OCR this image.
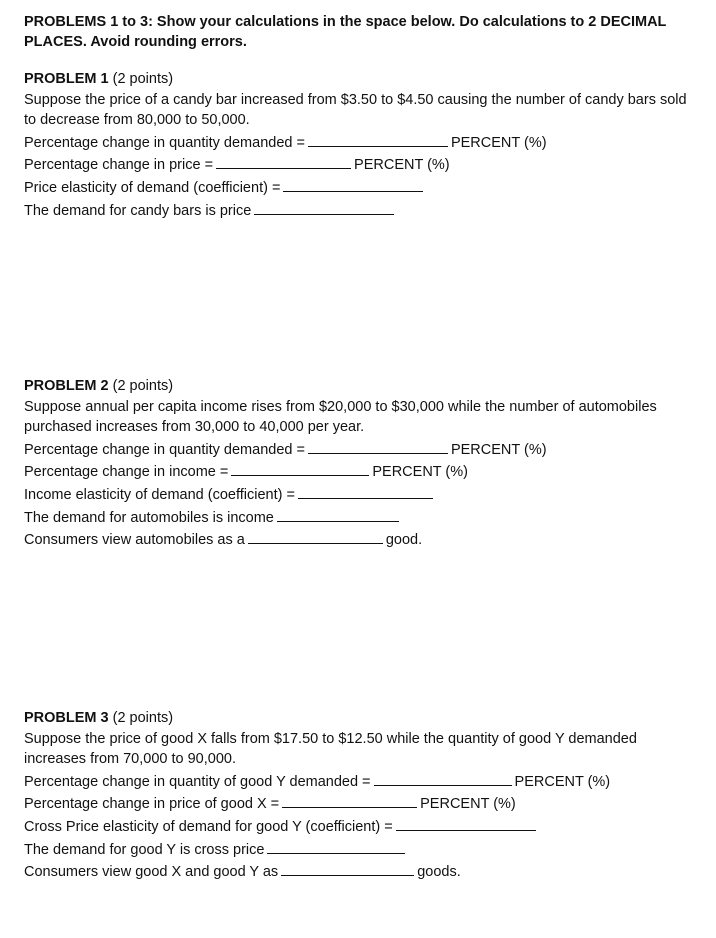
PROBLEMS 1 to 3: Show your calculations in the space below. Do calculations to 2 DECIMAL PLACES. Avoid rounding errors.
PROBLEM 1 (2 points)
Suppose the price of a candy bar increased from $3.50 to $4.50 causing the number of candy bars sold to decrease from 80,000 to 50,000.
Percentage change in quantity demanded =	PERCENT (%)
Percentage change in price =	PERCENT (%)
Price elasticity of demand (coefficient) =
The demand for candy bars is price
PROBLEM 2 (2 points)
Suppose annual per capita income rises from $20,000 to $30,000 while the number of automobiles purchased increases from 30,000 to 40,000 per year.
Percentage change in quantity demanded =	PERCENT (%)
Percentage change in income =	PERCENT (%)
Income elasticity of demand (coefficient) =
The demand for automobiles is income
Consumers view automobiles as a	good.
PROBLEM 3 (2 points)
Suppose the price of good X falls from $17.50 to $12.50 while the quantity of good Y demanded increases from 70,000 to 90,000.
Percentage change in quantity of good Y demanded =	PERCENT (%)
Percentage change in price of good X =	PERCENT (%)
Cross Price elasticity of demand for good Y (coefficient) =
The demand for good Y is cross price
Consumers view good X and good Y as	goods.
